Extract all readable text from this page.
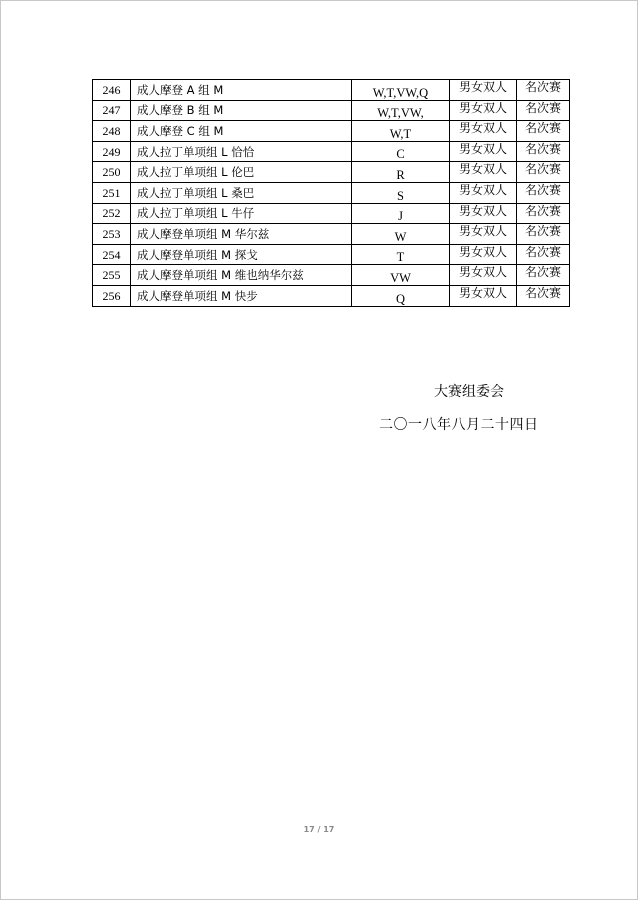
246	成人摩登 A 组 M	W,T,VW,Q	男女双人	名次赛
247	成人摩登 B 组 M	W,T,VW,	男女双人	名次赛
248	成人摩登 C 组 M	W,T	男女双人	名次赛
249	成人拉丁单项组 L 恰恰	C	男女双人	名次赛
250	成人拉丁单项组 L 伦巴	R	男女双人	名次赛
251	成人拉丁单项组 L 桑巴	S	男女双人	名次赛
252	成人拉丁单项组 L 牛仔	J	男女双人	名次赛
253	成人摩登单项组 M 华尔兹	W	男女双人	名次赛
254	成人摩登单项组 M 探戈	T	男女双人	名次赛
255	成人摩登单项组 M 维也纳华尔兹	VW	男女双人	名次赛
256	成人摩登单项组 M 快步	Q	男女双人	名次赛
大赛组委会
二〇一八年八月二十四日
17 / 17
